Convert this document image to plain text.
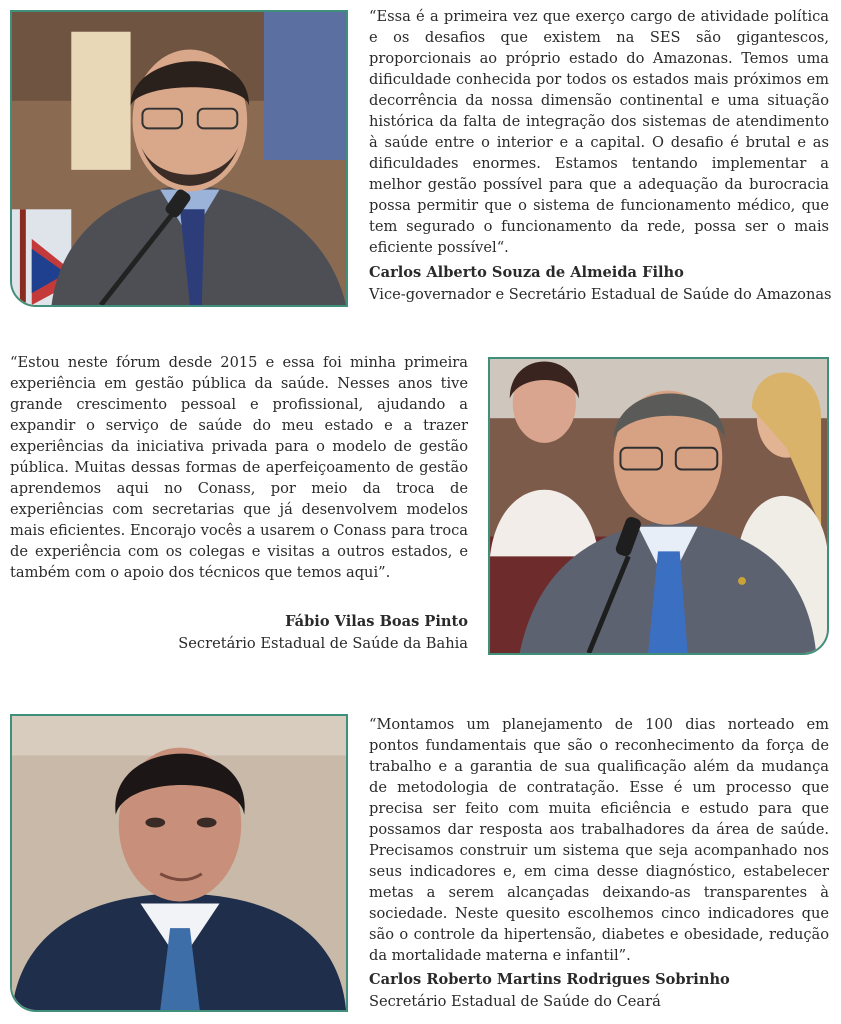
“Essa é a primeira vez que exerço cargo de atividade política e os desafios que existem na SES são gigantescos, proporcionais ao próprio estado do Amazonas. Temos uma dificuldade conhecida por todos os estados mais próximos em decorrência da nossa dimensão continental e uma situação histórica da falta de integração dos sistemas de atendimento à saúde entre o interior e a capital. O desafio é brutal e as dificuldades enormes. Estamos tentando implementar a melhor gestão possível para que a adequação da burocracia possa permitir que o sistema de funcionamento médico, que tem segurado o funcionamento da rede, possa ser o mais eficiente possível“.

Carlos Alberto Souza de Almeida Filho

Vice-governador e Secretário Estadual de Saúde do Amazonas

“Estou neste fórum desde 2015 e essa foi minha primeira experiência em gestão pública da saúde. Nesses anos tive grande crescimento pessoal e profissional, ajudando a expandir o serviço de saúde do meu estado e a trazer experiências da iniciativa privada para o modelo de gestão pública. Muitas dessas formas de aperfeiçoamento de gestão aprendemos aqui no Conass, por meio da troca de experiências com secretarias que já desenvolvem modelos mais eficientes. Encorajo vocês a usarem o Conass para troca de experiência com os colegas e visitas a outros estados, e também com o apoio dos técnicos que temos aqui”.

Fábio Vilas Boas Pinto

Secretário Estadual de Saúde da Bahia

“Montamos um planejamento de 100 dias norteado em pontos fundamentais que são o reconhecimento da força de trabalho e a garantia de sua qualificação além da mudança de metodologia de contratação. Esse é um processo que precisa ser feito com muita eficiência e estudo para que possamos dar resposta aos trabalhadores da área de saúde. Precisamos construir um sistema que seja acompanhado nos seus indicadores e, em cima desse diagnóstico, estabelecer metas a serem alcançadas deixando-as transparentes à sociedade. Neste quesito escolhemos cinco indicadores que são o controle da hipertensão, diabetes e obesidade, redução da mortalidade materna e infantil”.

Carlos Roberto Martins Rodrigues Sobrinho

Secretário Estadual de Saúde do Ceará
